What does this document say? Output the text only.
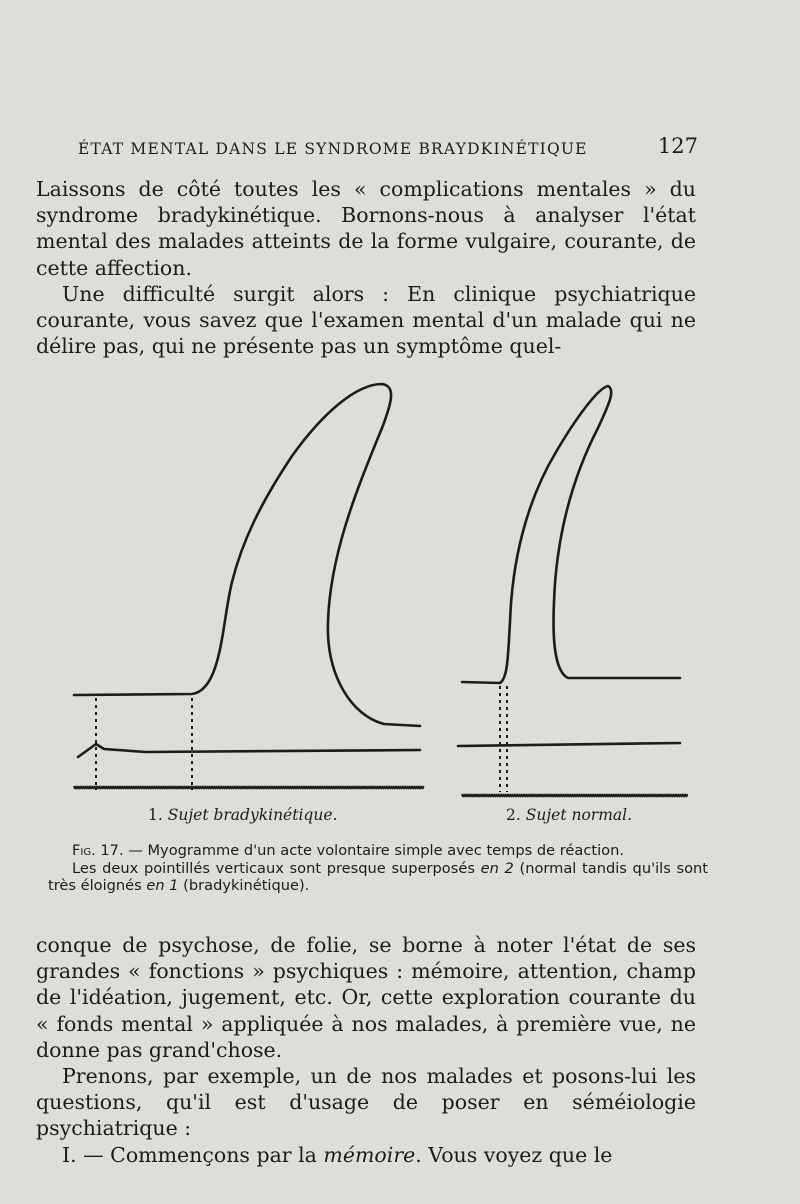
ÉTAT MENTAL DANS LE SYNDROME BRAYDKINÉTIQUE	127

Laissons de côté toutes les « complications mentales » du syndrome bradykinétique. Bornons-nous à analyser l'état mental des malades atteints de la forme vulgaire, courante, de cette affection.

Une difficulté surgit alors : En clinique psychiatrique courante, vous savez que l'examen mental d'un malade qui ne délire pas, qui ne présente pas un symptôme quel-

1. Sujet bradykinétique.	2. Sujet normal.

Fig. 17. — Myogramme d'un acte volontaire simple avec temps de réaction.

Les deux pointillés verticaux sont presque superposés en 2 (normal tandis qu'ils sont très éloignés en 1 (bradykinétique).

conque de psychose, de folie, se borne à noter l'état de ses grandes « fonctions » psychiques : mémoire, attention, champ de l'idéation, jugement, etc. Or, cette exploration courante du « fonds mental » appliquée à nos malades, à première vue, ne donne pas grand'chose.

Prenons, par exemple, un de nos malades et posons-lui les questions, qu'il est d'usage de poser en séméiologie psychiatrique :

I. — Commençons par la mémoire. Vous voyez que le
